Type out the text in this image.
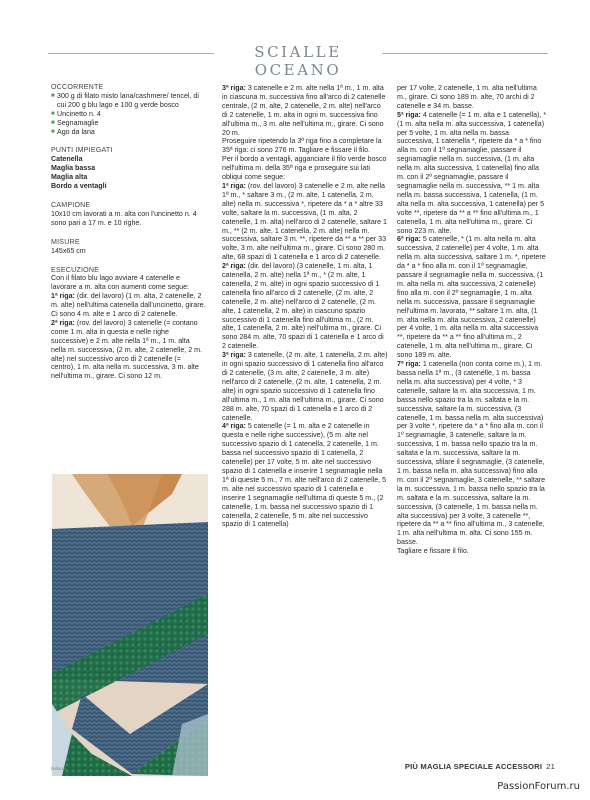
SCIALLE OCEANO
OCCORRENTE
■ 300 g di filato misto lana/cashmere/ tencel, di cui 200 g blu lago e 100 g verde bosco
■ Uncinetto n. 4
■ Segnamaglie
■ Ago da lana
PUNTI IMPIEGATI
Catenella
Maglia bassa
Maglia alta
Bordo a ventagli
CAMPIONE

10x10 cm lavorati a m. alta con l'uncinetto n. 4 sono pari a 17 m. e 10 righe.

MISURE

145x65 cm

ESECUZIONE

Con il filato blu lago avviare 4 catenelle e lavorare a m. alta con aumenti come segue:

1ª riga: (dir. del lavoro) (1 m. alta, 2 catenelle, 2 m. alte) nell'ultima catenella dall'uncinetto, girare. Ci sono 4 m. alte e 1 arco di 2 catenelle.

2ª riga: (rov. del lavoro) 3 catenelle (= contano come 1 m. alta in questa e nelle righe successive) e 2 m. alte nella 1ª m., 1 m. alta nella m. successiva, (2 m. alte, 2 catenelle, 2 m. alte) nel successivo arco di 2 catenelle (= centro), 1 m. alta nella m. successiva, 3 m. alte nell'ultima m., girare. Ci sono 12 m.

3ª riga: 3 catenelle e 2 m. alte nella 1ª m., 1 m. alta in ciascuna m. successiva fino all'arco di 2 catenelle centrale, (2 m. alte, 2 catenelle, 2 m. alte) nell'arco di 2 catenelle, 1 m. alta in ogni m. successiva fino all'ultima m., 3 m. alte nell'ultima m., girare. Ci sono 20 m.

Proseguire ripetendo la 3ª riga fino a completare la 35ª riga: ci sono 276 m. Tagliare e fissare il filo.

Per il bordo a ventagli, agganciare il filo verde bosco nell'ultima m. della 35ª riga e proseguire sui lati obliqui come segue:

1ª riga: (rov. del lavoro) 3 catenelle e 2 m. alte nella 1ª m., * saltare 3 m., (2 m. alte, 1 catenella, 2 m. alte) nella m. successiva *, ripetere da * a * altre 33 volte, saltare la m. successiva, (1 m. alta, 2 catenelle, 1 m. alta) nell'arco di 2 catenelle, saltare 1 m., ** (2 m. alte, 1 catenella, 2 m. alte) nella m. successiva, saltare 3 m. **, ripetere da ** a ** per 33 volte, 3 m. alte nell'ultima m., girare. Ci sono 280 m. alte, 68 spazi di 1 catenella e 1 arco di 2 catenelle.

2ª riga: (dir. del lavoro) (3 catenelle, 1 m. alta, 1 catenella, 2 m. alte) nella 1ª m., * (2 m. alte, 1 catenella, 2 m. alte) in ogni spazio successivo di 1 catenella fino all'arco di 2 catenelle, (2 m. alte, 2 catenelle, 2 m. alte) nell'arco di 2 catenelle, (2 m. alte, 1 catenella, 2 m. alte) in ciascuno spazio successivo di 1 catenella fino all'ultima m., (2 m. alte, 1 catenella, 2 m. alte) nell'ultima m., girare. Ci sono 284 m. alte, 70 spazi di 1 catenella e 1 arco di 2 catenelle.

3ª riga: 3 catenelle, (2 m. alte, 1 catenella, 2 m. alte) in ogni spazio successivo di 1 catenella fino all'arco di 2 catenelle, (3 m. alte, 2 catenelle, 3 m. alte) nell'arco di 2 catenelle, (2 m. alte, 1 catenella, 2 m. alte) in ogni spazio successivo di 1 catenella fino all'ultima m., 1 m. alta nell'ultima m., girare. Ci sono 288 m. alte, 70 spazi di 1 catenella e 1 arco di 2 catenelle.

4ª riga: 5 catenelle (= 1 m. alta e 2 catenelle in questa e nelle righe successive), (5 m. alte nel successivo spazio di 1 catenella, 2 catenelle, 1 m. bassa nel successivo spazio di 1 catenella, 2 catenelle) per 17 volte, 5 m. alte nel successivo spazio di 1 catenella e inserire 1 segnamaglie nella 1ª di queste 5 m., 7 m. alte nell'arco di 2 catenelle, 5 m. alte nel successivo spazio di 1 catenella e inserire 1 segnamaglie nell'ultima di queste 5 m., (2 catenelle, 1 m. bassa nel successivo spazio di 1 catenella, 2 catenelle, 5 m. alte nel successivo spazio di 1 catenella)

per 17 volte, 2 catenelle, 1 m. alta nell'ultima m., girare. Ci sono 189 m. alte, 70 archi di 2 catenelle e 34 m. basse.

5ª riga: 4 catenelle (= 1 m. alta e 1 catenella), * (1 m. alta nella m. alta successiva, 1 catenella) per 5 volte, 1 m. alta nella m. bassa successiva, 1 catenella *, ripetere da * a * fino alla m. con il 1º segnamaglie, passare il segnamaglie nella m. successiva, (1 m. alta nella m. alta successiva, 1 catenella) fino alla m. con il 2º segnamaglie, passare il segnamaglie nella m. successiva, ** 1 m. alta nella m. bassa successiva, 1 catenella, (1 m. alta nella m. alta successiva, 1 catenella) per 5 volte **, ripetere da ** a ** fino all'ultima m., 1 catenella, 1 m. alta nell'ultima m., girare. Ci sono 223 m. alte.

6ª riga: 5 catenelle, * (1 m. alta nella m. alta successiva, 2 catenelle) per 4 volte, 1 m. alta nella m. alta successiva, saltare 1 m. *, ripetere da * a * fino alla m. con il 1º segnamaglie, passare il segnamaglie nella m. successiva, (1 m. alta nella m. alta successiva, 2 catenelle) fino alla m. con il 2º segnamaglie, 1 m. alta nella m. successiva, passare il segnamaglie nell'ultima m. lavorata, ** saltare 1 m. alta, (1 m. alta nella m. alta successiva, 2 catenelle) per 4 volte, 1 m. alta nella m. alta successiva **, ripetere da ** a ** fino all'ultima m., 2 catenelle, 1 m. alta nell'ultima m., girare. Ci sono 189 m. alte.

7ª riga: 1 catenella (non conta come m.), 1 m. bassa nella 1ª m., (3 catenelle, 1 m. bassa nella m. alta successiva) per 4 volte, * 3 catenelle, saltare la m. alta successiva, 1 m. bassa nello spazio tra la m. saltata e la m. successiva, saltare la m. successiva, (3 catenelle, 1 m. bassa nella m. alta successiva) per 3 volte *, ripetere da * a * fino alla m. con il 1º segnamaglie, 3 catenelle, saltare la m. successiva, 1 m. bassa nello spazio tra la m. saltata e la m. successiva, saltare la m. successiva, sfilare il segnamaglie, (3 catenelle, 1 m. bassa nella m. alta successiva) fino alla m. con il 2º segnamaglie, 3 catenelle, ** saltare la m. successiva, 1 m. bassa nello spazio tra la m. saltata e la m. successiva, saltare la m. successiva, (3 catenelle, 1 m. bassa nella m. alta successiva) per 3 volte, 3 catenelle **, ripetere da ** a ** fino all'ultima m., 3 catenelle, 1 m. alta nell'ultima m. alta. Ci sono 155 m. basse.

Tagliare e fissare il filo.

bellana	PIÙ MAGLIA SPECIALE ACCESSORI 21
PassionForum.ru
